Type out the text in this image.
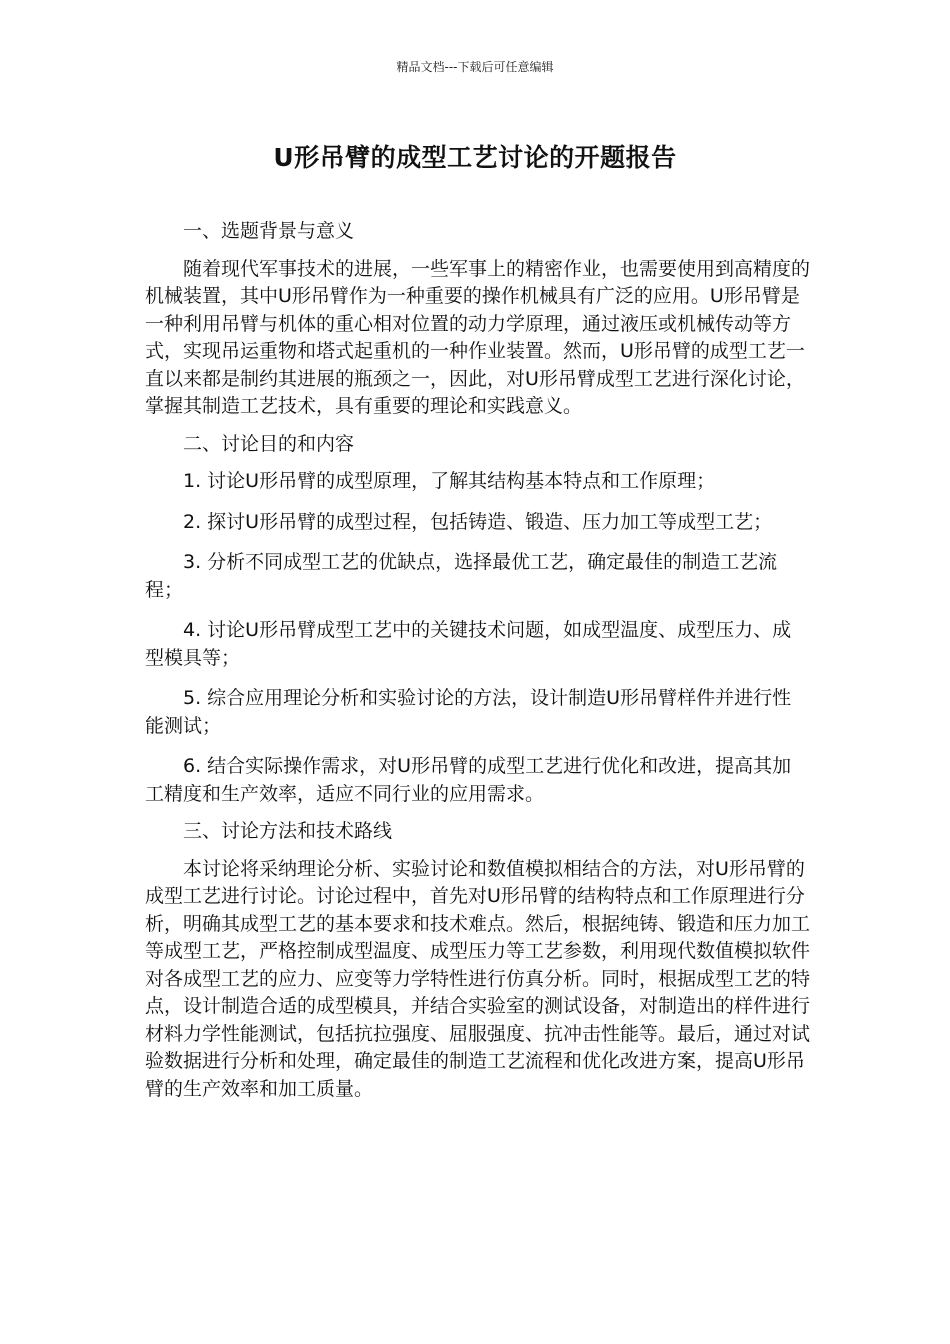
精品文档---下载后可任意编辑
U形吊臂的成型工艺讨论的开题报告

一、选题背景与意义

随着现代军事技术的进展，一些军事上的精密作业，也需要使用到高精度的机械装置，其中U形吊臂作为一种重要的操作机械具有广泛的应用。U形吊臂是一种利用吊臂与机体的重心相对位置的动力学原理，通过液压或机械传动等方式，实现吊运重物和塔式起重机的一种作业装置。然而，U形吊臂的成型工艺一直以来都是制约其进展的瓶颈之一，因此，对U形吊臂成型工艺进行深化讨论，掌握其制造工艺技术，具有重要的理论和实践意义。

二、讨论目的和内容

1. 讨论U形吊臂的成型原理，了解其结构基本特点和工作原理；

2. 探讨U形吊臂的成型过程，包括铸造、锻造、压力加工等成型工艺；

3. 分析不同成型工艺的优缺点，选择最优工艺，确定最佳的制造工艺流程；

4. 讨论U形吊臂成型工艺中的关键技术问题，如成型温度、成型压力、成型模具等；

5. 综合应用理论分析和实验讨论的方法，设计制造U形吊臂样件并进行性能测试；

6. 结合实际操作需求，对U形吊臂的成型工艺进行优化和改进，提高其加工精度和生产效率，适应不同行业的应用需求。

三、讨论方法和技术路线

本讨论将采纳理论分析、实验讨论和数值模拟相结合的方法，对U形吊臂的成型工艺进行讨论。讨论过程中，首先对U形吊臂的结构特点和工作原理进行分析，明确其成型工艺的基本要求和技术难点。然后，根据纯铸、锻造和压力加工等成型工艺，严格控制成型温度、成型压力等工艺参数，利用现代数值模拟软件对各成型工艺的应力、应变等力学特性进行仿真分析。同时，根据成型工艺的特点，设计制造合适的成型模具，并结合实验室的测试设备，对制造出的样件进行材料力学性能测试，包括抗拉强度、屈服强度、抗冲击性能等。最后，通过对试验数据进行分析和处理，确定最佳的制造工艺流程和优化改进方案，提高U形吊臂的生产效率和加工质量。
